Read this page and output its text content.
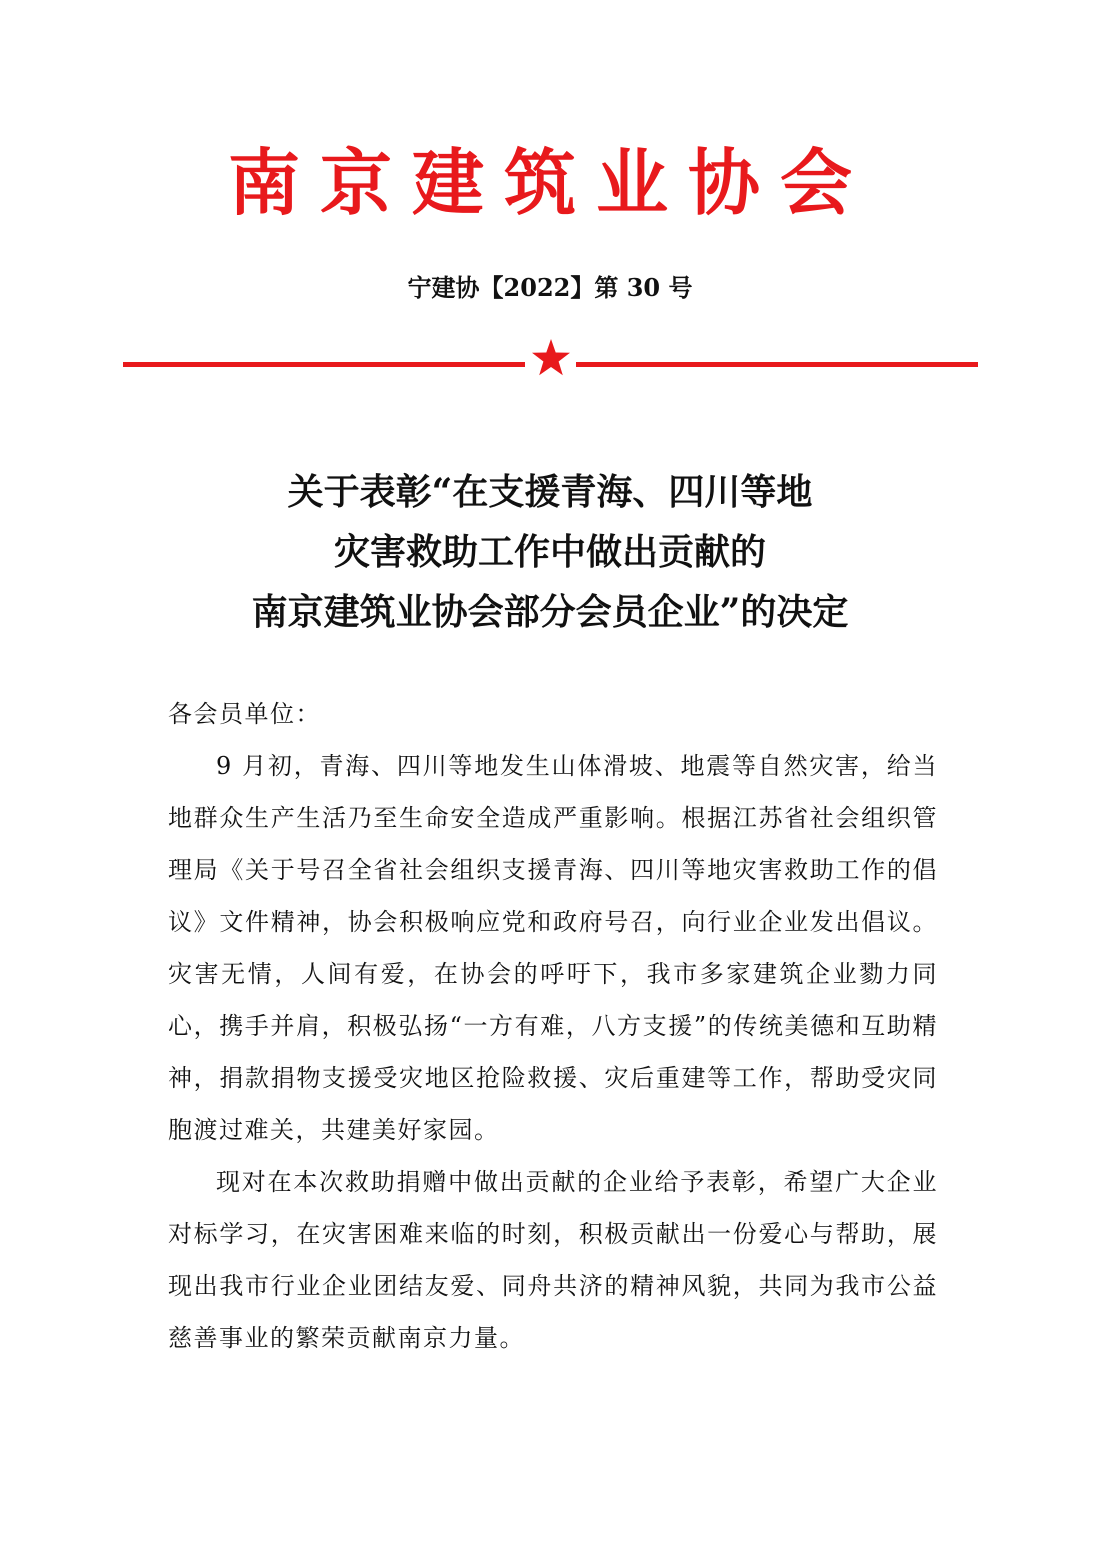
南京建筑业协会
宁建协【2022】第 30 号
关于表彰“在支援青海、四川等地
灾害救助工作中做出贡献的
南京建筑业协会部分会员企业”的决定

各会员单位：

9 月初，青海、四川等地发生山体滑坡、地震等自然灾害，给当地群众生产生活乃至生命安全造成严重影响。根据江苏省社会组织管理局《关于号召全省社会组织支援青海、四川等地灾害救助工作的倡议》文件精神，协会积极响应党和政府号召，向行业企业发出倡议。灾害无情，人间有爱，在协会的呼吁下，我市多家建筑企业勠力同心，携手并肩，积极弘扬“一方有难，八方支援”的传统美德和互助精神，捐款捐物支援受灾地区抢险救援、灾后重建等工作，帮助受灾同胞渡过难关，共建美好家园。

现对在本次救助捐赠中做出贡献的企业给予表彰，希望广大企业对标学习，在灾害困难来临的时刻，积极贡献出一份爱心与帮助，展现出我市行业企业团结友爱、同舟共济的精神风貌，共同为我市公益慈善事业的繁荣贡献南京力量。
